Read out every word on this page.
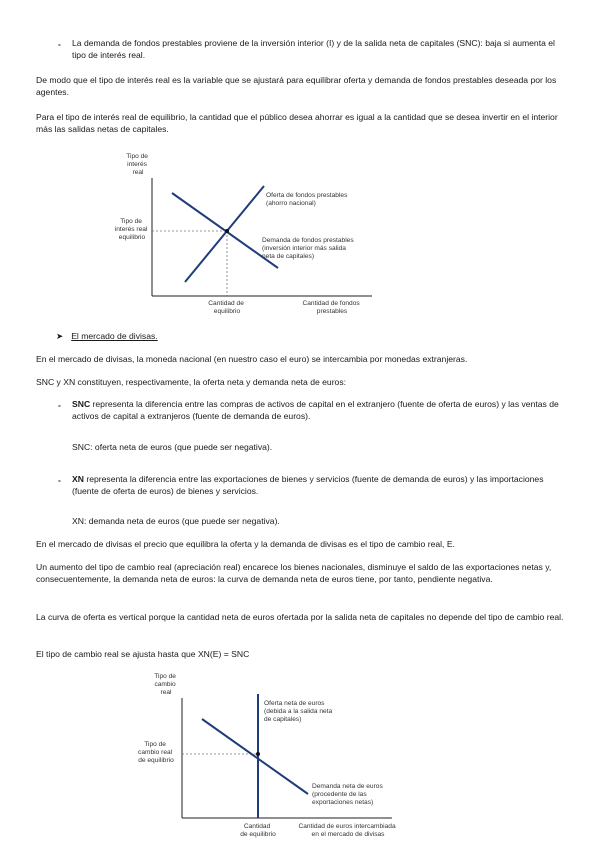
- La demanda de fondos prestables proviene de la inversión interior (I) y de la salida neta de capitales (SNC): baja si aumenta el tipo de interés real.

De modo que el tipo de interés real es la variable que se ajustará para equilibrar oferta y demanda de fondos prestables deseada por los agentes.

Para el tipo de interés real de equilibrio, la cantidad que el público desea ahorrar es igual a la cantidad que se desea invertir en el interior más las salidas netas de capitales.

Tipo de interés real
Tipo de interés real equilibrio
Oferta de fondos prestables (ahorro nacional)
Demanda de fondos prestables (inversión interior más salida neta de capitales)
Cantidad de equilibrio
Cantidad de fondos prestables
➤ El mercado de divisas.

En el mercado de divisas, la moneda nacional (en nuestro caso el euro) se intercambia por monedas extranjeras.

SNC y XN constituyen, respectivamente, la oferta neta y demanda neta de euros:

- SNC representa la diferencia entre las compras de activos de capital en el extranjero (fuente de oferta de euros) y las ventas de activos de capital a extranjeros (fuente de demanda de euros).

SNC: oferta neta de euros (que puede ser negativa).

- XN representa la diferencia entre las exportaciones de bienes y servicios (fuente de demanda de euros) y las importaciones (fuente de oferta de euros) de bienes y servicios.

XN: demanda neta de euros (que puede ser negativa).

En el mercado de divisas el precio que equilibra la oferta y la demanda de divisas es el tipo de cambio real, E.

Un aumento del tipo de cambio real (apreciación real) encarece los bienes nacionales, disminuye el saldo de las exportaciones netas y, consecuentemente, la demanda neta de euros: la curva de demanda neta de euros tiene, por tanto, pendiente negativa.

La curva de oferta es vertical porque la cantidad neta de euros ofertada por la salida neta de capitales no depende del tipo de cambio real.

El tipo de cambio real se ajusta hasta que XN(E) = SNC

Tipo de cambio real
Tipo de cambio real de equilibrio
Oferta neta de euros (debida a la salida neta de capitales)
Demanda neta de euros (procedente de las exportaciones netas)
Cantidad de equilibrio
Cantidad de euros intercambiada en el mercado de divisas
